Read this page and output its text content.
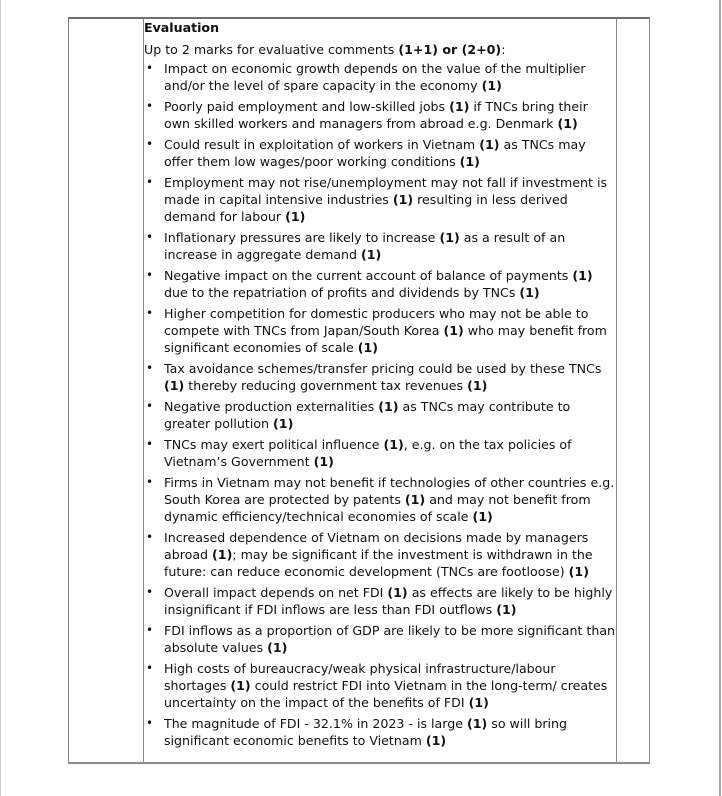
Evaluation

Up to 2 marks for evaluative comments (1+1) or (2+0):

• Impact on economic growth depends on the value of the multiplier and/or the level of spare capacity in the economy (1)
• Poorly paid employment and low-skilled jobs (1) if TNCs bring their own skilled workers and managers from abroad e.g. Denmark (1)
• Could result in exploitation of workers in Vietnam (1) as TNCs may offer them low wages/poor working conditions (1)
• Employment may not rise/unemployment may not fall if investment is made in capital intensive industries (1) resulting in less derived demand for labour (1)
• Inflationary pressures are likely to increase (1) as a result of an increase in aggregate demand (1)
• Negative impact on the current account of balance of payments (1) due to the repatriation of profits and dividends by TNCs (1)
• Higher competition for domestic producers who may not be able to compete with TNCs from Japan/South Korea (1) who may benefit from significant economies of scale (1)
• Tax avoidance schemes/transfer pricing could be used by these TNCs (1) thereby reducing government tax revenues (1)
• Negative production externalities (1) as TNCs may contribute to greater pollution (1)
• TNCs may exert political influence (1), e.g. on the tax policies of Vietnam’s Government (1)
• Firms in Vietnam may not benefit if technologies of other countries e.g. South Korea are protected by patents (1) and may not benefit from dynamic efficiency/technical economies of scale (1)
• Increased dependence of Vietnam on decisions made by managers abroad (1); may be significant if the investment is withdrawn in the future: can reduce economic development (TNCs are footloose) (1)
• Overall impact depends on net FDI (1) as effects are likely to be highly insignificant if FDI inflows are less than FDI outflows (1)
• FDI inflows as a proportion of GDP are likely to be more significant than absolute values (1)
• High costs of bureaucracy/weak physical infrastructure/labour shortages (1) could restrict FDI into Vietnam in the long-term/ creates uncertainty on the impact of the benefits of FDI (1)
• The magnitude of FDI - 32.1% in 2023 - is large (1) so will bring significant economic benefits to Vietnam (1)
